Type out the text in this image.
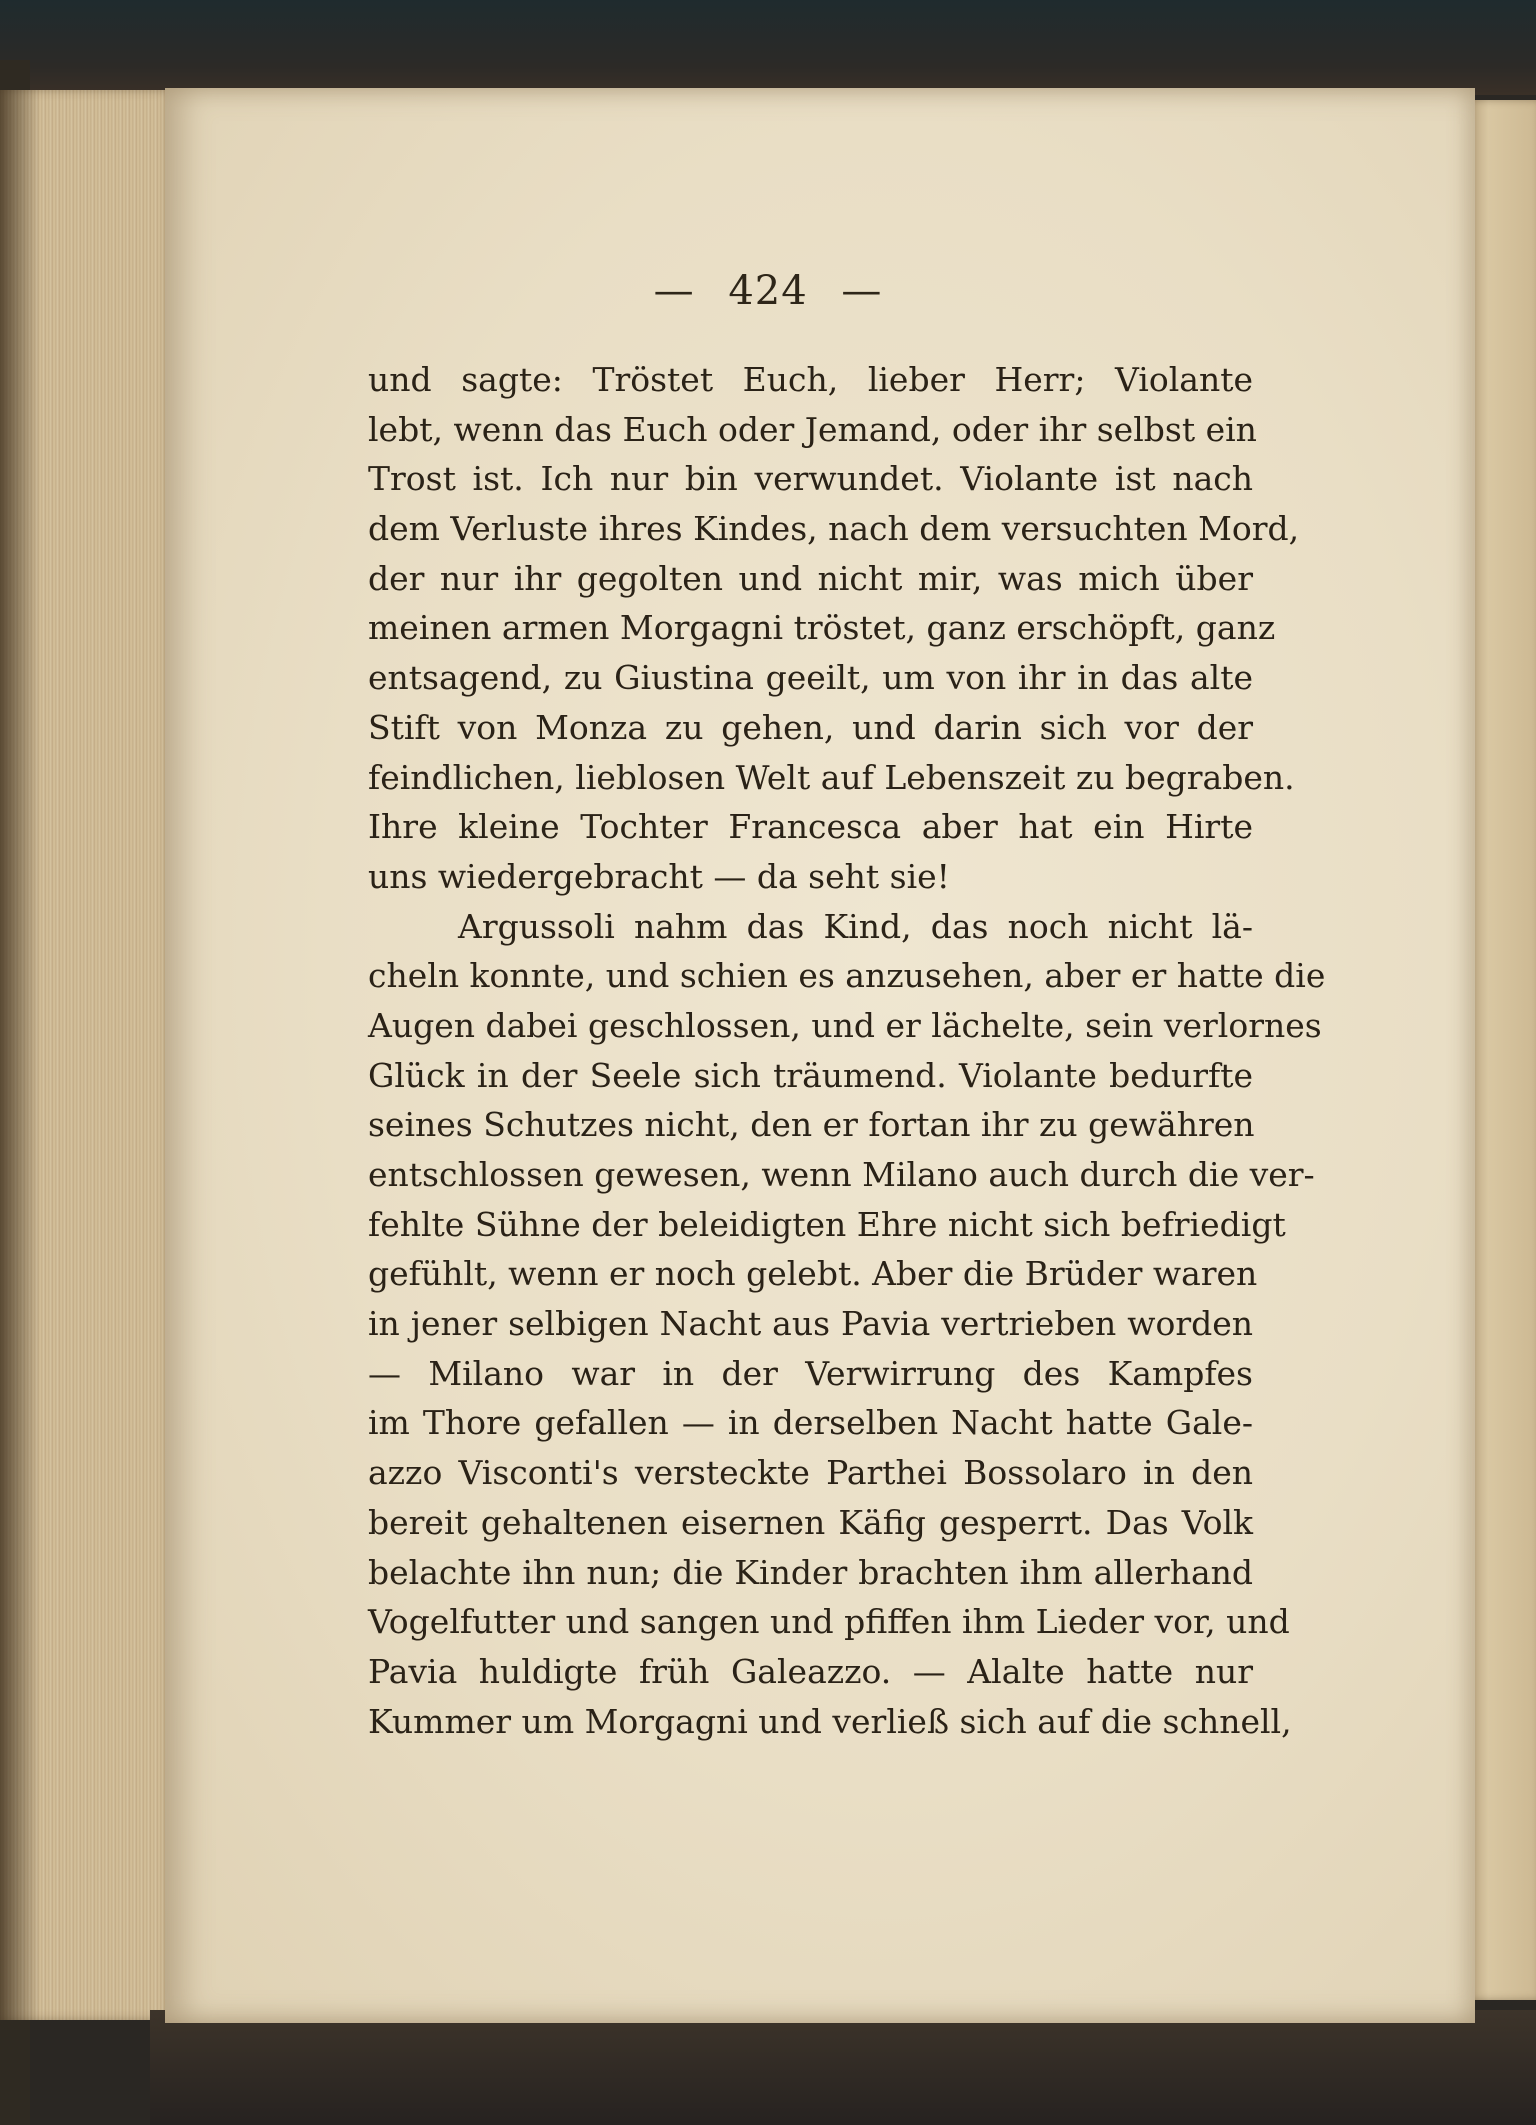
— 424 —
und sagte: Tröstet Euch, lieber Herr; Violante
lebt, wenn das Euch oder Jemand, oder ihr selbst ein
Trost ist. Ich nur bin verwundet. Violante ist nach
dem Verluste ihres Kindes, nach dem versuchten Mord,
der nur ihr gegolten und nicht mir, was mich über
meinen armen Morgagni tröstet, ganz erschöpft, ganz
entsagend, zu Giustina geeilt, um von ihr in das alte
Stift von Monza zu gehen, und darin sich vor der
feindlichen, lieblosen Welt auf Lebenszeit zu begraben.
Ihre kleine Tochter Francesca aber hat ein Hirte
uns wiedergebracht — da seht sie!
Argussoli nahm das Kind, das noch nicht lä-
cheln konnte, und schien es anzusehen, aber er hatte die
Augen dabei geschlossen, und er lächelte, sein verlornes
Glück in der Seele sich träumend. Violante bedurfte
seines Schutzes nicht, den er fortan ihr zu gewähren
entschlossen gewesen, wenn Milano auch durch die ver-
fehlte Sühne der beleidigten Ehre nicht sich befriedigt
gefühlt, wenn er noch gelebt. Aber die Brüder waren
in jener selbigen Nacht aus Pavia vertrieben worden
— Milano war in der Verwirrung des Kampfes
im Thore gefallen — in derselben Nacht hatte Gale-
azzo Visconti's versteckte Parthei Bossolaro in den
bereit gehaltenen eisernen Käfig gesperrt. Das Volk
belachte ihn nun; die Kinder brachten ihm allerhand
Vogelfutter und sangen und pfiffen ihm Lieder vor, und
Pavia huldigte früh Galeazzo. — Alalte hatte nur
Kummer um Morgagni und verließ sich auf die schnell,
